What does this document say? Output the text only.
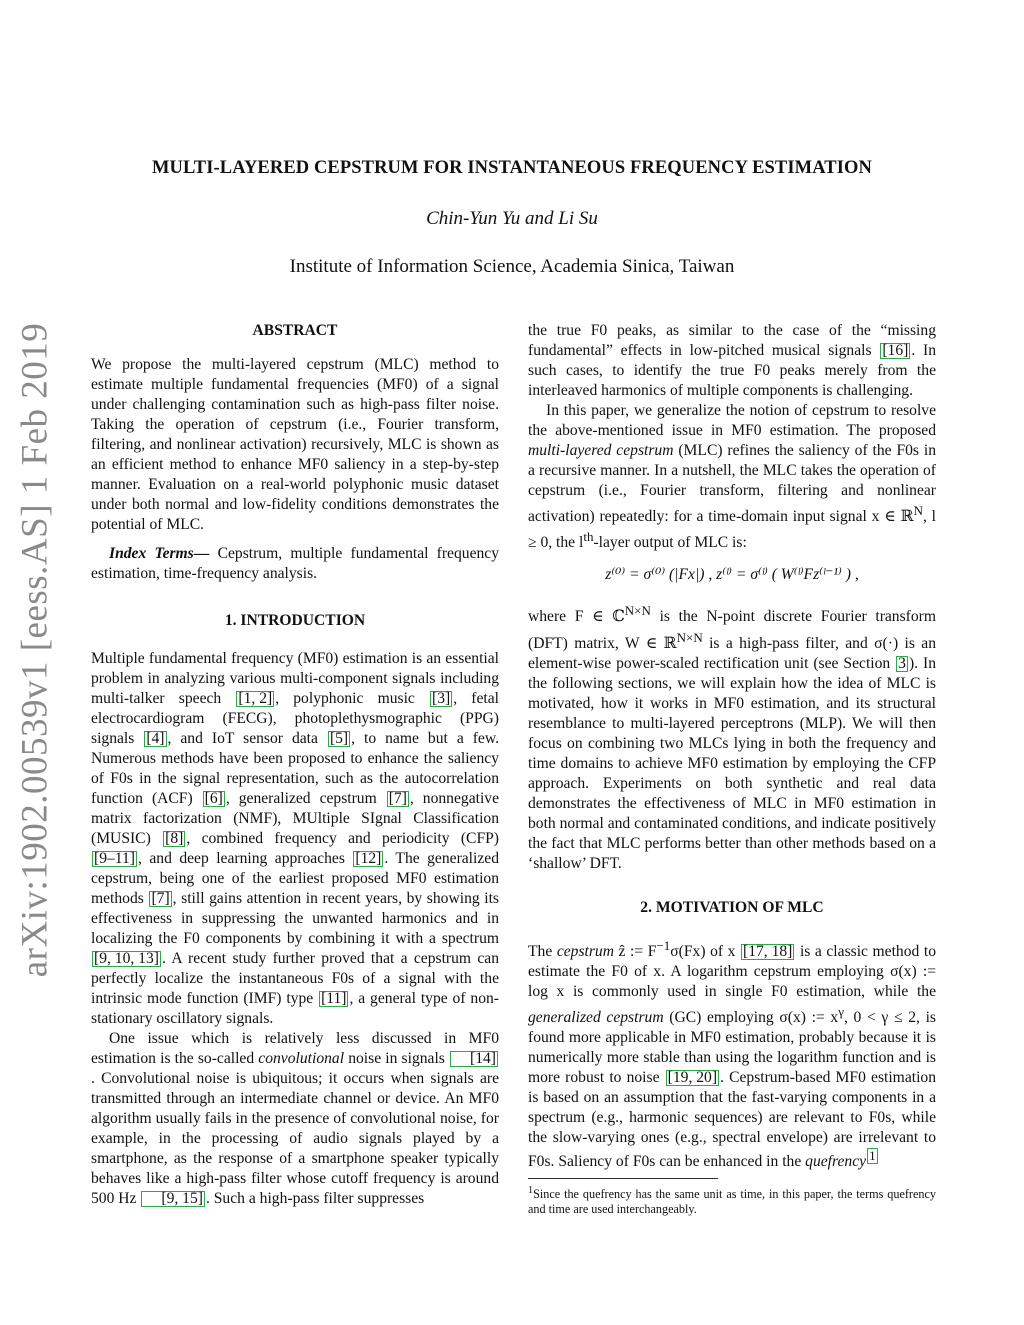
arXiv:1902.00539v1 [eess.AS] 1 Feb 2019
MULTI-LAYERED CEPSTRUM FOR INSTANTANEOUS FREQUENCY ESTIMATION
Chin-Yun Yu and Li Su
Institute of Information Science, Academia Sinica, Taiwan

ABSTRACT

We propose the multi-layered cepstrum (MLC) method to estimate multiple fundamental frequencies (MF0) of a signal under challenging contamination such as high-pass filter noise. Taking the operation of cepstrum (i.e., Fourier transform, filtering, and nonlinear activation) recursively, MLC is shown as an efficient method to enhance MF0 saliency in a step-by-step manner. Evaluation on a real-world polyphonic music dataset under both normal and low-fidelity conditions demonstrates the potential of MLC.

Index Terms— Cepstrum, multiple fundamental frequency estimation, time-frequency analysis.

1. INTRODUCTION

Multiple fundamental frequency (MF0) estimation is an essential problem in analyzing various multi-component signals including multi-talker speech [1, 2] , polyphonic music [3] , fetal electrocardiogram (FECG), photoplethysmographic (PPG) signals [4] , and IoT sensor data [5] , to name but a few. Numerous methods have been proposed to enhance the saliency of F0s in the signal representation, such as the autocorrelation function (ACF) [6] , generalized cepstrum [7] , nonnegative matrix factorization (NMF), MUltiple SIgnal Classification (MUSIC) [8] , combined frequency and periodicity (CFP) [9–11] , and deep learning approaches [12] . The generalized cepstrum, being one of the earliest proposed MF0 estimation methods [7] , still gains attention in recent years, by showing its effectiveness in suppressing the unwanted harmonics and in localizing the F0 components by combining it with a spectrum [9, 10, 13] . A recent study further proved that a cepstrum can perfectly localize the instantaneous F0s of a signal with the intrinsic mode function (IMF) type [11] , a general type of non-stationary oscillatory signals.

One issue which is relatively less discussed in MF0 estimation is the so-called convolutional noise in signals [14]. Convolutional noise is ubiquitous; it occurs when signals are transmitted through an intermediate channel or device. An MF0 algorithm usually fails in the presence of convolutional noise, for example, in the processing of audio signals played by a smartphone, as the response of a smartphone speaker typically behaves like a high-pass filter whose cutoff frequency is around 500 Hz [9, 15] . Such a high-pass filter suppresses

the true F0 peaks, as similar to the case of the “missing fundamental” effects in low-pitched musical signals [16] . In such cases, to identify the true F0 peaks merely from the interleaved harmonics of multiple components is challenging.

In this paper, we generalize the notion of cepstrum to resolve the above-mentioned issue in MF0 estimation. The proposed multi-layered cepstrum (MLC) refines the saliency of the F0s in a recursive manner. In a nutshell, the MLC takes the operation of cepstrum (i.e., Fourier transform, filtering and nonlinear activation) repeatedly: for a time-domain input signal x ∈ ℝ$^N$, l ≥ 0, the $l^{th}$-layer output of MLC is:

z⁽⁰⁾ = σ⁽⁰⁾ (|Fx|) , z⁽ˡ⁾ = σ⁽ˡ⁾ ( W⁽ˡ⁾Fz⁽ˡ⁻¹⁾ ) ,

where F ∈ ℂ$^{N\times N}$ is the N-point discrete Fourier transform (DFT) matrix, W ∈ ℝ$^{N\times N}$ is a high-pass filter, and σ(·) is an element-wise power-scaled rectification unit (see Section 3 ). In the following sections, we will explain how the idea of MLC is motivated, how it works in MF0 estimation, and its structural resemblance to multi-layered perceptrons (MLP). We will then focus on combining two MLCs lying in both the frequency and time domains to achieve MF0 estimation by employing the CFP approach. Experiments on both synthetic and real data demonstrates the effectiveness of MLC in MF0 estimation in both normal and contaminated conditions, and indicate positively the fact that MLC performs better than other methods based on a ‘shallow’ DFT.

2. MOTIVATION OF MLC

The cepstrum ẑ := $F^{-1}\sigma(Fx)$ of x [17, 18] is a classic method to estimate the F0 of x. A logarithm cepstrum employing σ(x) := log x is commonly used in single F0 estimation, while the generalized cepstrum (GC) employing σ(x) := $x^\gamma$, 0 < γ ≤ 2, is found more applicable in MF0 estimation, probably because it is numerically more stable than using the logarithm function and is more robust to noise [19, 20] . Cepstrum-based MF0 estimation is based on an assumption that the fast-varying components in a spectrum (e.g., harmonic sequences) are relevant to F0s, while the slow-varying ones (e.g., spectral envelope) are irrelevant to F0s. Saliency of F0s can be enhanced in the quefrency $^1$

$^1$Since the quefrency has the same unit as time, in this paper, the terms quefrency and time are used interchangeably.
